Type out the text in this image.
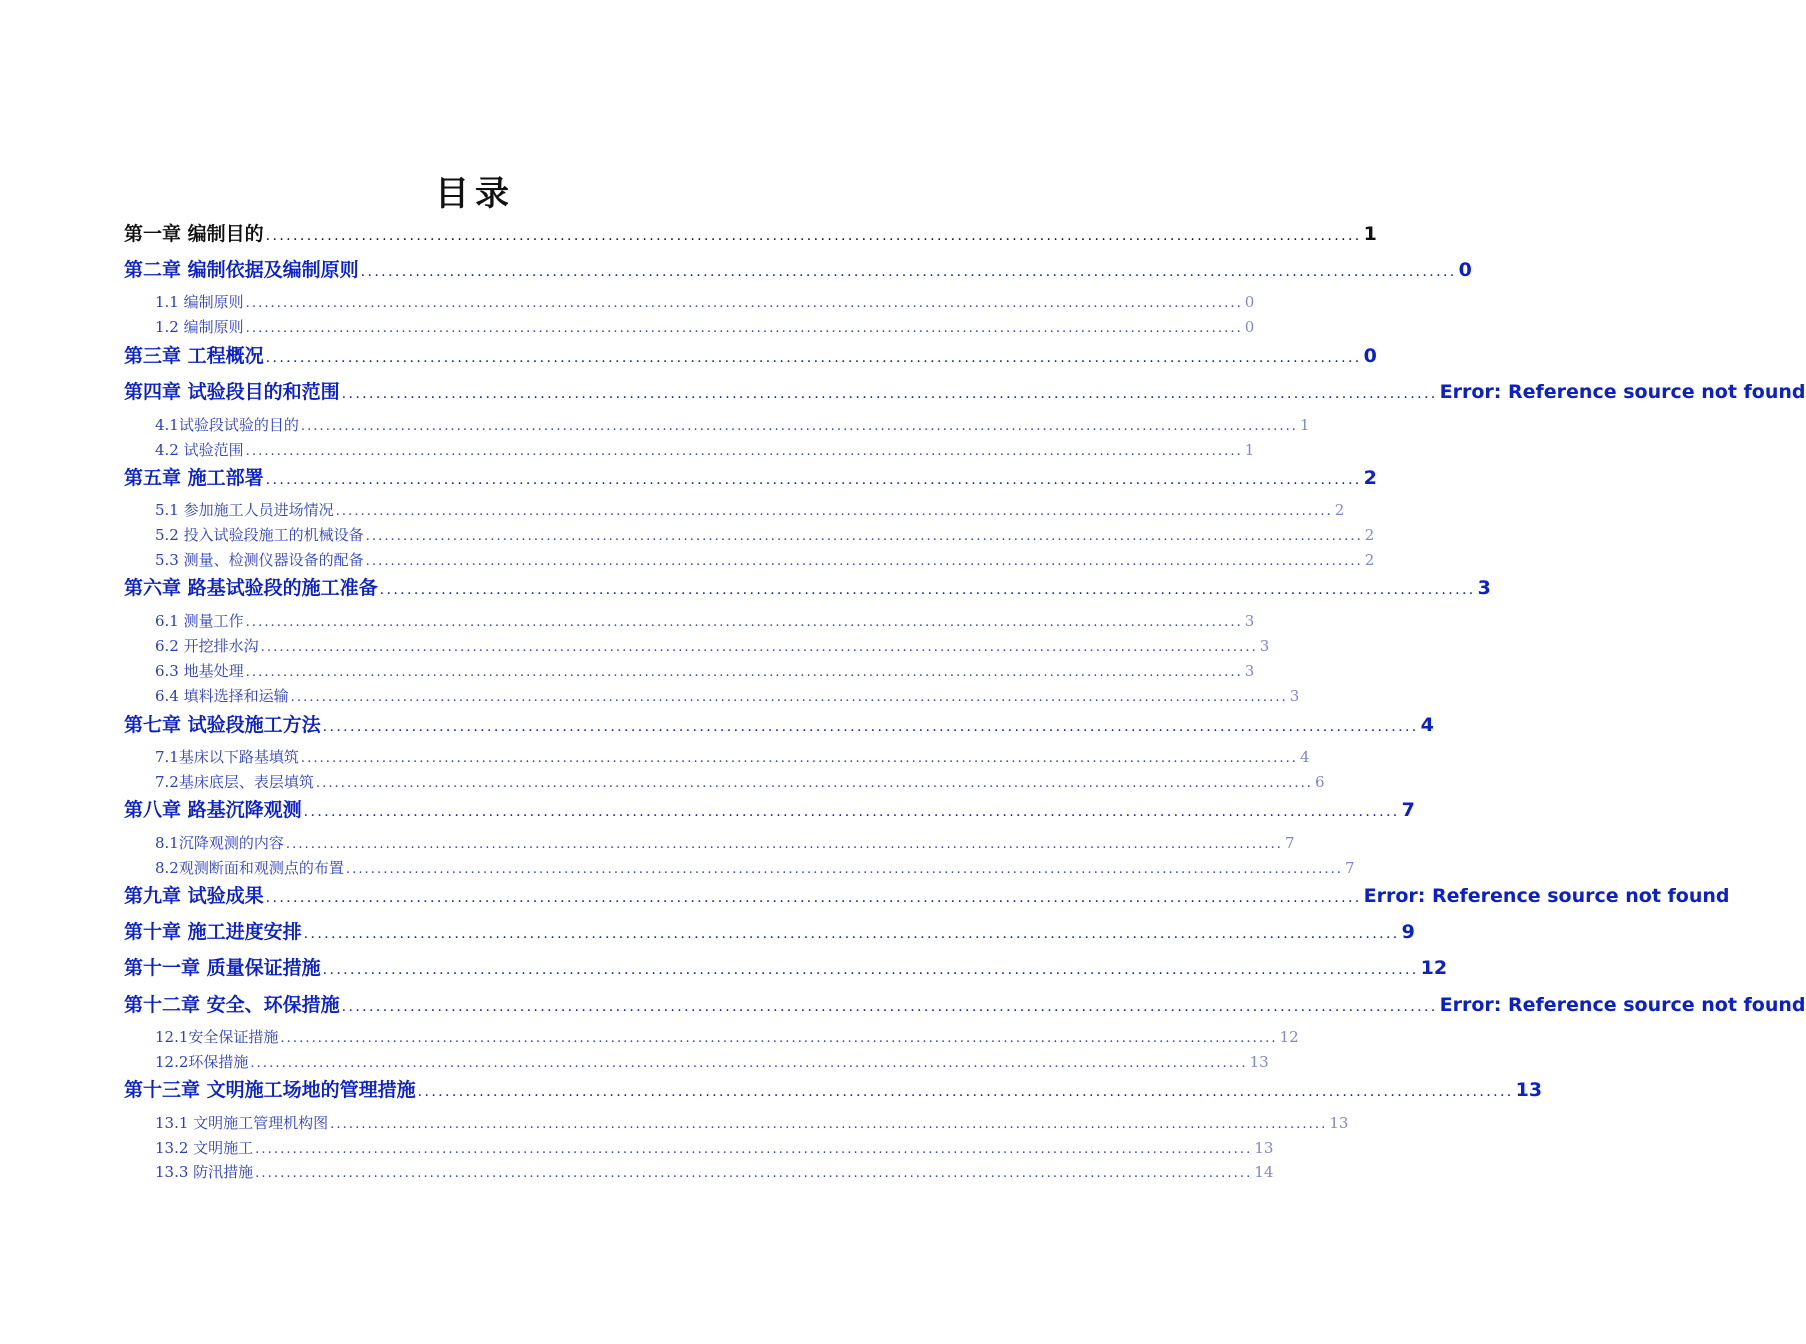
目录
第一章 编制目的 ................................................................................................................................................................ 1
第二章 编制依据及编制原则 ................................................................................................................................................................ 0
1.1 编制原则 ................................................................................................................................................................ 0
1.2 编制原则 ................................................................................................................................................................ 0
第三章 工程概况 ................................................................................................................................................................ 0
第四章 试验段目的和范围 ................................................................................................................................................................ Error: Reference source not found
4.1试验段试验的目的 ................................................................................................................................................................ 1
4.2 试验范围 ................................................................................................................................................................ 1
第五章 施工部署 ................................................................................................................................................................ 2
5.1 参加施工人员进场情况 ................................................................................................................................................................ 2
5.2 投入试验段施工的机械设备 ................................................................................................................................................................ 2
5.3 测量、检测仪器设备的配备 ................................................................................................................................................................ 2
第六章 路基试验段的施工准备 ................................................................................................................................................................ 3
6.1 测量工作 ................................................................................................................................................................ 3
6.2 开挖排水沟 ................................................................................................................................................................ 3
6.3 地基处理 ................................................................................................................................................................ 3
6.4 填料选择和运输 ................................................................................................................................................................ 3
第七章 试验段施工方法 ................................................................................................................................................................ 4
7.1基床以下路基填筑 ................................................................................................................................................................ 4
7.2基床底层、表层填筑 ................................................................................................................................................................ 6
第八章 路基沉降观测 ................................................................................................................................................................ 7
8.1沉降观测的内容 ................................................................................................................................................................ 7
8.2观测断面和观测点的布置 ................................................................................................................................................................ 7
第九章 试验成果 ................................................................................................................................................................ Error: Reference source not found
第十章 施工进度安排 ................................................................................................................................................................ 9
第十一章 质量保证措施 ................................................................................................................................................................ 12
第十二章 安全、环保措施 ................................................................................................................................................................ Error: Reference source not found
12.1安全保证措施 ................................................................................................................................................................ 12
12.2环保措施 ................................................................................................................................................................ 13
第十三章 文明施工场地的管理措施 ................................................................................................................................................................ 13
13.1 文明施工管理机构图 ................................................................................................................................................................ 13
13.2 文明施工 ................................................................................................................................................................ 13
13.3 防汛措施 ................................................................................................................................................................ 14
